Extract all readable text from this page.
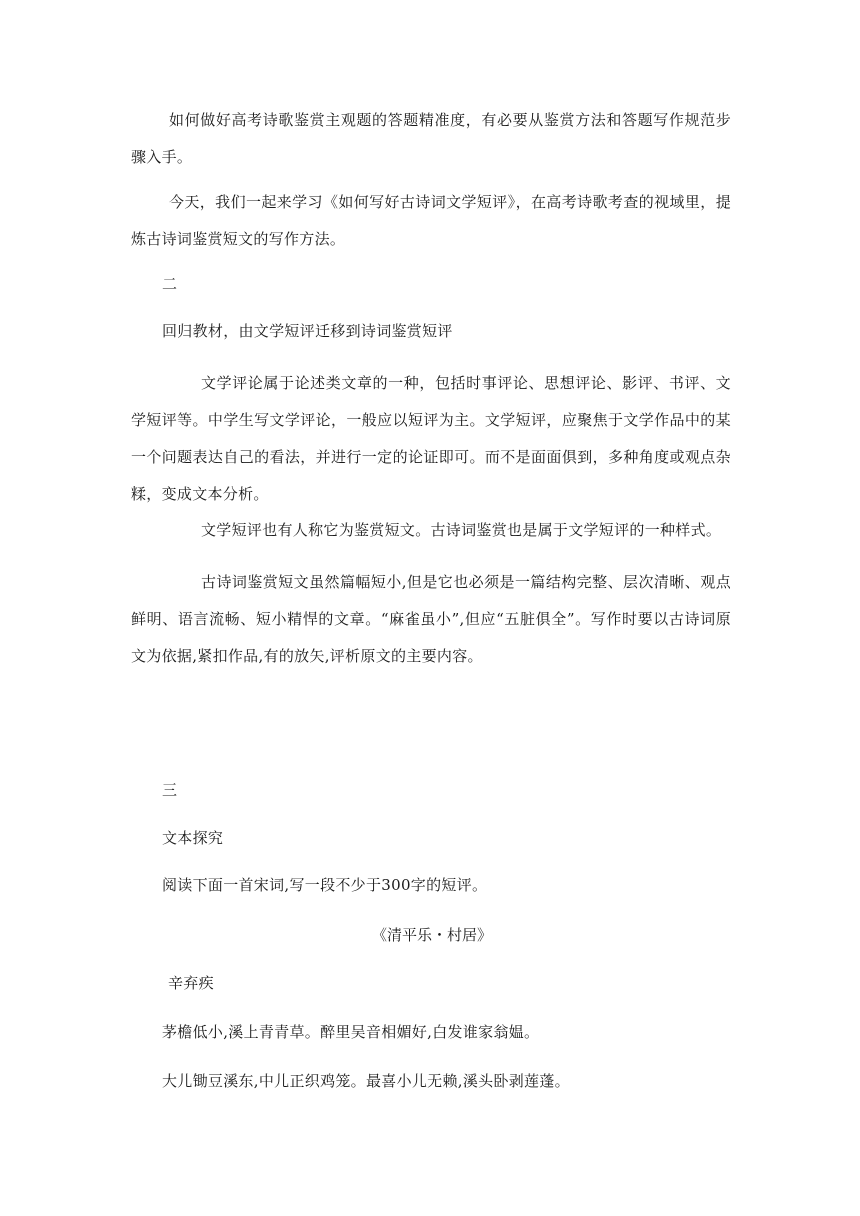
如何做好高考诗歌鉴赏主观题的答题精准度，有必要从鉴赏方法和答题写作规范步骤入手。

今天，我们一起来学习《如何写好古诗词文学短评》，在高考诗歌考查的视域里，提炼古诗词鉴赏短文的写作方法。

二

回归教材，由文学短评迁移到诗词鉴赏短评

文学评论属于论述类文章的一种，包括时事评论、思想评论、影评、书评、文学短评等。中学生写文学评论，一般应以短评为主。文学短评，应聚焦于文学作品中的某一个问题表达自己的看法，并进行一定的论证即可。而不是面面俱到，多种角度或观点杂糅，变成文本分析。

文学短评也有人称它为鉴赏短文。古诗词鉴赏也是属于文学短评的一种样式。

古诗词鉴赏短文虽然篇幅短小,但是它也必须是一篇结构完整、层次清晰、观点鲜明、语言流畅、短小精悍的文章。“麻雀虽小”,但应“五脏俱全”。写作时要以古诗词原文为依据,紧扣作品,有的放矢,评析原文的主要内容。

三

文本探究

阅读下面一首宋词,写一段不少于300字的短评。

《清平乐・村居》

辛弃疾

茅檐低小,溪上青青草。醉里吴音相媚好,白发谁家翁媪。

大儿锄豆溪东,中儿正织鸡笼。最喜小儿无赖,溪头卧剥莲蓬。
